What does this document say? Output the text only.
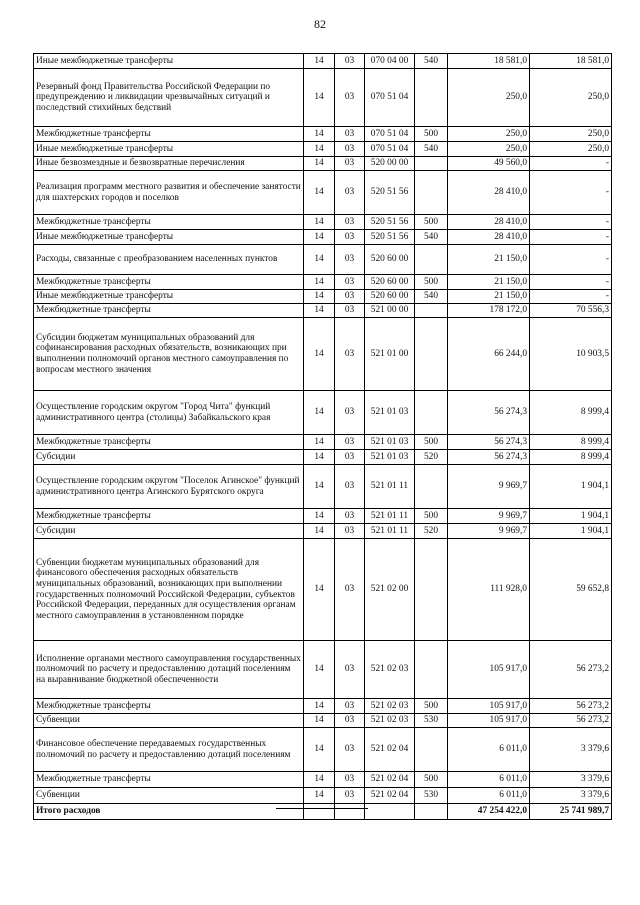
82
Иные межбюджетные трансферты	14	03	070 04 00	540	18 581,0	18 581,0
Резервный фонд Правительства Российской Федерации по предупреждению и ликвидации чрезвычайных ситуаций и последствий стихийных бедствий	14	03	070 51 04		250,0	250,0
Межбюджетные трансферты	14	03	070 51 04	500	250,0	250,0
Иные межбюджетные трансферты	14	03	070 51 04	540	250,0	250,0
Иные безвозмездные и безвозвратные перечисления	14	03	520 00 00		49 560,0	-
Реализация программ местного развития и обеспечение занятости для шахтерских городов и поселков	14	03	520 51 56		28 410,0	-
Межбюджетные трансферты	14	03	520 51 56	500	28 410,0	-
Иные межбюджетные трансферты	14	03	520 51 56	540	28 410,0	-
Расходы, связанные с преобразованием населенных пунктов	14	03	520 60 00		21 150,0	-
Межбюджетные трансферты	14	03	520 60 00	500	21 150,0	-
Иные межбюджетные трансферты	14	03	520 60 00	540	21 150,0	-
Межбюджетные трансферты	14	03	521 00 00		178 172,0	70 556,3
Субсидии бюджетам муниципальных образований для софинансирования расходных обязательств, возникающих при выполнении полномочий органов местного самоуправления по вопросам местного значения	14	03	521 01 00		66 244,0	10 903,5
Осуществление городским округом "Город Чита" функций административного центра (столицы) Забайкальского края	14	03	521 01 03		56 274,3	8 999,4
Межбюджетные трансферты	14	03	521 01 03	500	56 274,3	8 999,4
Субсидии	14	03	521 01 03	520	56 274,3	8 999,4
Осуществление городским округом "Поселок Агинское" функций административного центра Агинского Бурятского округа	14	03	521 01 11		9 969,7	1 904,1
Межбюджетные трансферты	14	03	521 01 11	500	9 969,7	1 904,1
Субсидии	14	03	521 01 11	520	9 969,7	1 904,1
Субвенции бюджетам муниципальных образований для финансового обеспечения расходных обязательств муниципальных образований, возникающих при выполнении государственных полномочий Российской Федерации, субъектов Российской Федерации, переданных для осуществления органам местного самоуправления в установленном порядке	14	03	521 02 00		111 928,0	59 652,8
Исполнение органами местного самоуправления государственных полномочий по расчету и предоставлению дотаций поселениям на выравнивание бюджетной обеспеченности	14	03	521 02 03		105 917,0	56 273,2
Межбюджетные трансферты	14	03	521 02 03	500	105 917,0	56 273,2
Субвенции	14	03	521 02 03	530	105 917,0	56 273,2
Финансовое обеспечение передаваемых государственных полномочий по расчету и предоставлению дотаций поселениям	14	03	521 02 04		6 011,0	3 379,6
Межбюджетные трансферты	14	03	521 02 04	500	6 011,0	3 379,6
Субвенции	14	03	521 02 04	530	6 011,0	3 379,6
Итого расходов					47 254 422,0	25 741 989,7
